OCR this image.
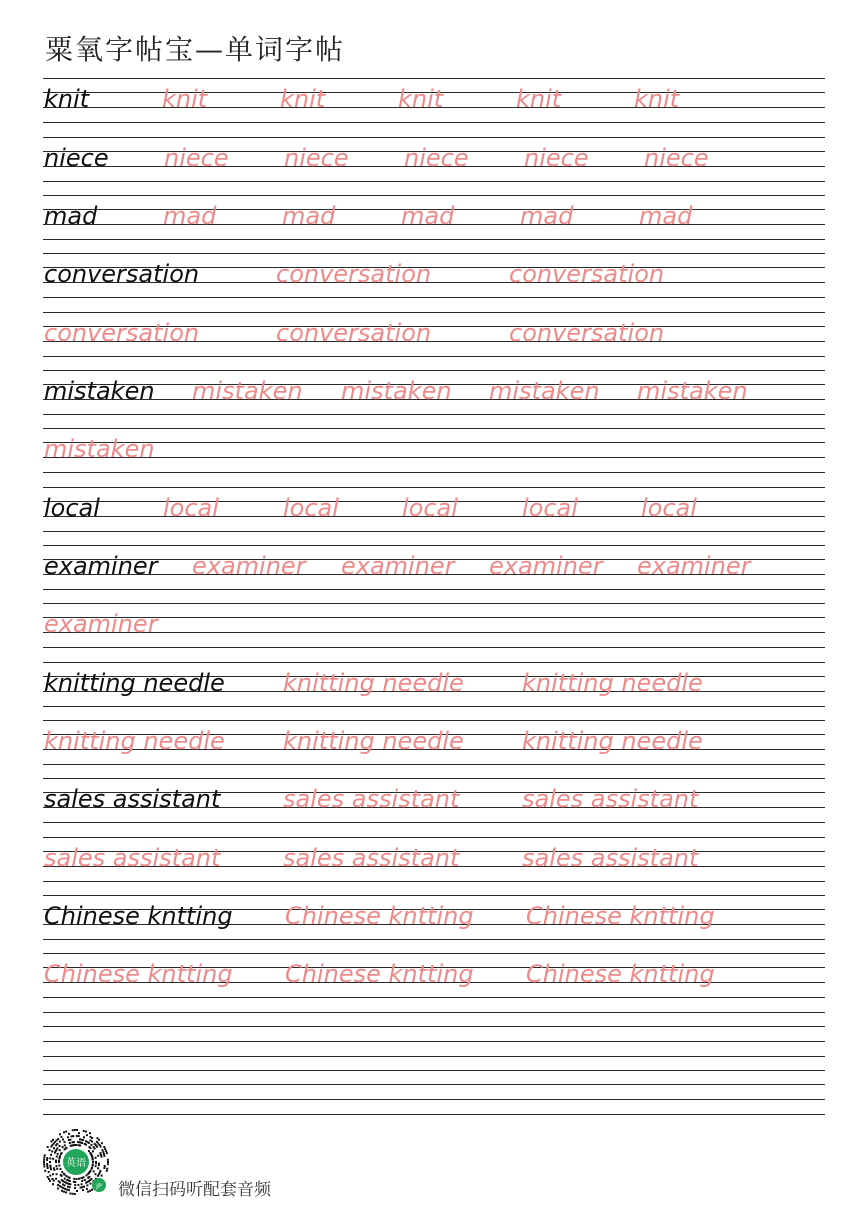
粟氧字帖宝—单词字帖
knit	knit	knit	knit	knit	knit
niece niece niece niece niece niece
mad	mad	mad	mad	mad	mad
conversation	conversation	conversation
conversation	conversation	conversation
mistaken mistaken mistaken mistaken mistaken
mistaken
local	local	local	local	local	local
examiner examiner examiner examiner examiner
examiner
knitting needle knitting needle knitting needle
knitting needle knitting needle knitting needle
sales assistant	sales assistant	sales assistant
sales assistant	sales assistant	sales assistant
Chinese kntting Chinese kntting Chinese kntting
Chinese kntting Chinese kntting Chinese kntting
英语
JP 微信扫码听配套音频
